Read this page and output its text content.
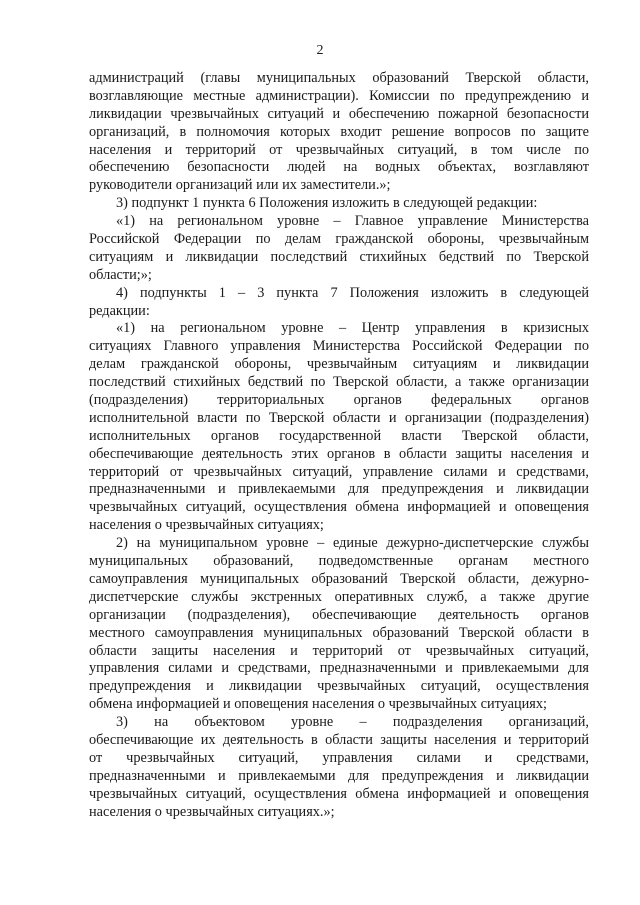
2
администраций (главы муниципальных образований Тверской области,
возглавляющие местные администрации). Комиссии по предупреждению и
ликвидации чрезвычайных ситуаций и обеспечению пожарной безопасности
организаций, в полномочия которых входит решение вопросов по защите
населения и территорий от чрезвычайных ситуаций, в том числе по
обеспечению безопасности людей на водных объектах, возглавляют
руководители организаций или их заместители.»;
3) подпункт 1 пункта 6 Положения изложить в следующей редакции:
«1) на региональном уровне – Главное управление Министерства
Российской Федерации по делам гражданской обороны, чрезвычайным
ситуациям и ликвидации последствий стихийных бедствий по Тверской
области;»;
4) подпункты 1 – 3 пункта 7 Положения изложить в следующей
редакции:
«1) на региональном уровне – Центр управления в кризисных
ситуациях Главного управления Министерства Российской Федерации по
делам гражданской обороны, чрезвычайным ситуациям и ликвидации
последствий стихийных бедствий по Тверской области, а также организации
(подразделения) территориальных органов федеральных органов
исполнительной власти по Тверской области и организации (подразделения)
исполнительных органов государственной власти Тверской области,
обеспечивающие деятельность этих органов в области защиты населения и
территорий от чрезвычайных ситуаций, управление силами и средствами,
предназначенными и привлекаемыми для предупреждения и ликвидации
чрезвычайных ситуаций, осуществления обмена информацией и оповещения
населения о чрезвычайных ситуациях;
2) на муниципальном уровне – единые дежурно-диспетчерские службы
муниципальных образований, подведомственные органам местного
самоуправления муниципальных образований Тверской области, дежурно-
диспетчерские службы экстренных оперативных служб, а также другие
организации (подразделения), обеспечивающие деятельность органов
местного самоуправления муниципальных образований Тверской области в
области защиты населения и территорий от чрезвычайных ситуаций,
управления силами и средствами, предназначенными и привлекаемыми для
предупреждения и ликвидации чрезвычайных ситуаций, осуществления
обмена информацией и оповещения населения о чрезвычайных ситуациях;
3) на объектовом уровне – подразделения организаций,
обеспечивающие их деятельность в области защиты населения и территорий
от чрезвычайных ситуаций, управления силами и средствами,
предназначенными и привлекаемыми для предупреждения и ликвидации
чрезвычайных ситуаций, осуществления обмена информацией и оповещения
населения о чрезвычайных ситуациях.»;
